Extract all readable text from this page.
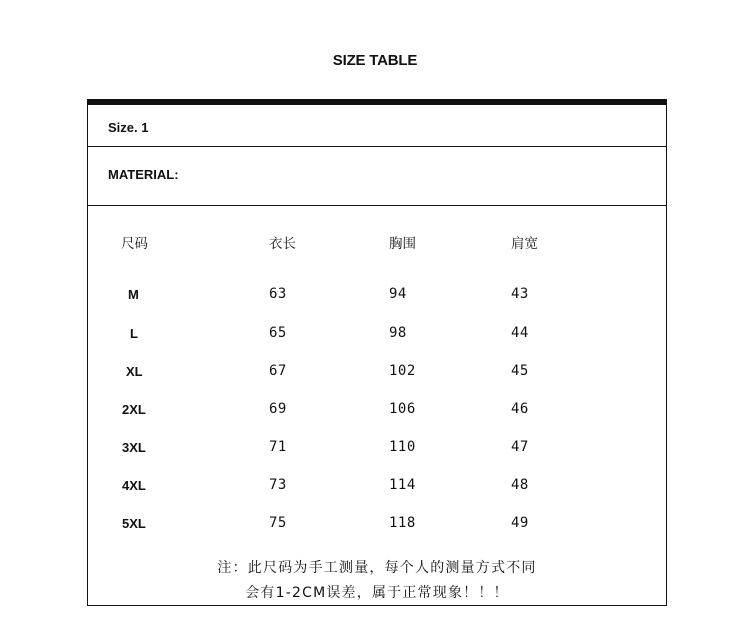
SIZE TABLE
Size. 1
MATERIAL:
尺码	衣长	胸围	肩宽
M	63	94	43
L	65	98	44
XL	67	102	45
2XL	69	106	46
3XL	71	110	47
4XL	73	114	48
5XL	75	118	49
注：此尺码为手工测量，每个人的测量方式不同
会有1-2CM误差，属于正常现象！！！
